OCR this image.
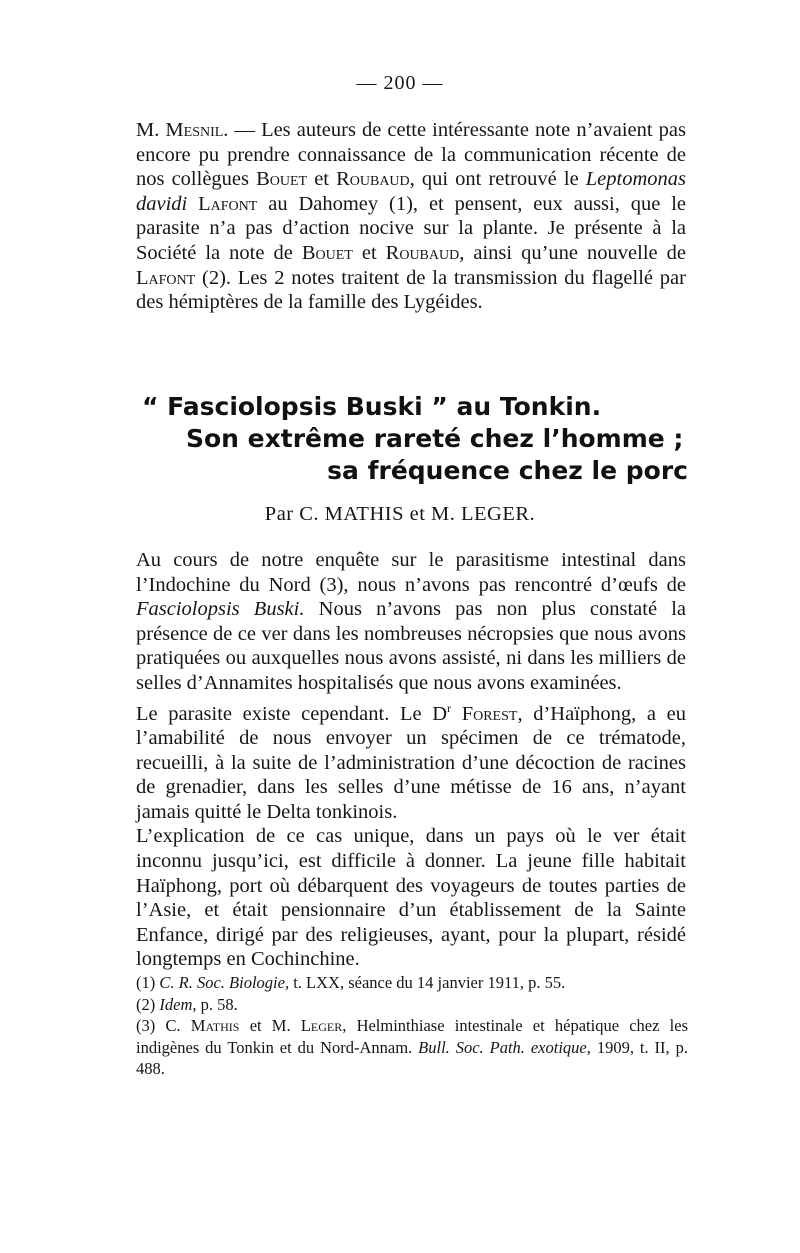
— 200 —

M. Mesnil. — Les auteurs de cette intéressante note n’avaient pas encore pu prendre connaissance de la communication récente de nos collègues Bouet et Roubaud, qui ont retrouvé le Leptomonas davidi Lafont au Dahomey (1), et pensent, eux aussi, que le parasite n’a pas d’action nocive sur la plante. Je présente à la Société la note de Bouet et Roubaud, ainsi qu’une nouvelle de Lafont (2). Les 2 notes traitent de la transmission du flagellé par des hémiptères de la famille des Lygéides.

“ Fasciolopsis Buski ” au Tonkin.
Son extrême rareté chez l’homme ;
sa fréquence chez le porc
Par C. MATHIS et M. LEGER.

Au cours de notre enquête sur le parasitisme intestinal dans l’Indochine du Nord (3), nous n’avons pas rencontré d’œufs de Fasciolopsis Buski. Nous n’avons pas non plus constaté la présence de ce ver dans les nombreuses nécropsies que nous avons pratiquées ou auxquelles nous avons assisté, ni dans les milliers de selles d’Annamites hospitalisés que nous avons examinées.

Le parasite existe cependant. Le $D^r$ Forest, d’Haïphong, a eu l’amabilité de nous envoyer un spécimen de ce trématode, recueilli, à la suite de l’administration d’une décoction de racines de grenadier, dans les selles d’une métisse de 16 ans, n’ayant jamais quitté le Delta tonkinois.

L’explication de ce cas unique, dans un pays où le ver était inconnu jusqu’ici, est difficile à donner. La jeune fille habitait Haïphong, port où débarquent des voyageurs de toutes parties de l’Asie, et était pensionnaire d’un établissement de la Sainte Enfance, dirigé par des religieuses, ayant, pour la plupart, résidé longtemps en Cochinchine.

(1) C. R. Soc. Biologie, t. LXX, séance du 14 janvier 1911, p. 55.

(2) Idem, p. 58.

(3) C. Mathis et M. Leger, Helminthiase intestinale et hépatique chez les indigènes du Tonkin et du Nord-Annam. Bull. Soc. Path. exotique, 1909, t. II, p. 488.
